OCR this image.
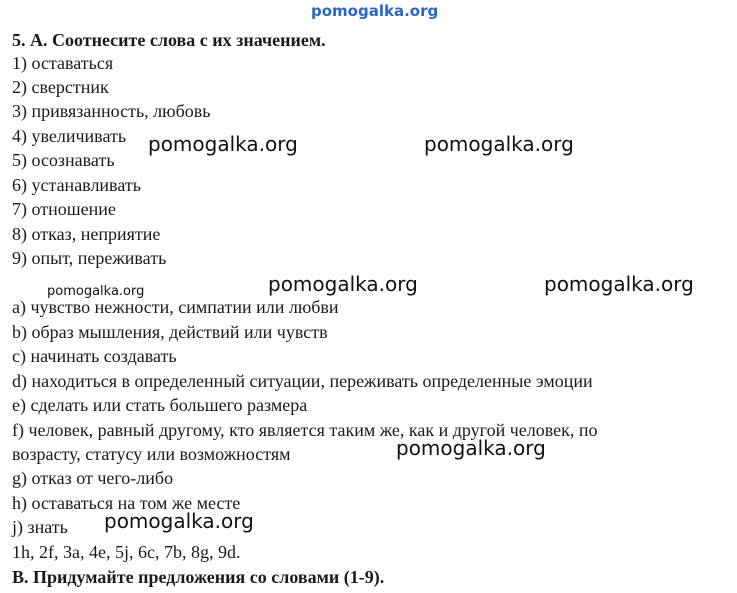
pomogalka.org
5. А. Соотнесите слова с их значением.
1) оставаться
2) сверстник
3) привязанность, любовь
4) увеличивать
5) осознавать
6) устанавливать
7) отношение
8) отказ, неприятие
9) опыт, переживать
a) чувство нежности, симпатии или любви
b) образ мышления, действий или чувств
c) начинать создавать
d) находиться в определенный ситуации, переживать определенные эмоции
e) сделать или стать большего размера
f) человек, равный другому, кто является таким же, как и другой человек, по
возрасту, статусу или возможностям
g) отказ от чего-либо
h) оставаться на том же месте
j) знать
1h, 2f, 3a, 4e, 5j, 6c, 7b, 8g, 9d.
B. Придумайте предложения со словами (1-9).
pomogalka.org	pomogalka.org
pomogalka.org	pomogalka.org
pomogalka.org
pomogalka.org
pomogalka.org
